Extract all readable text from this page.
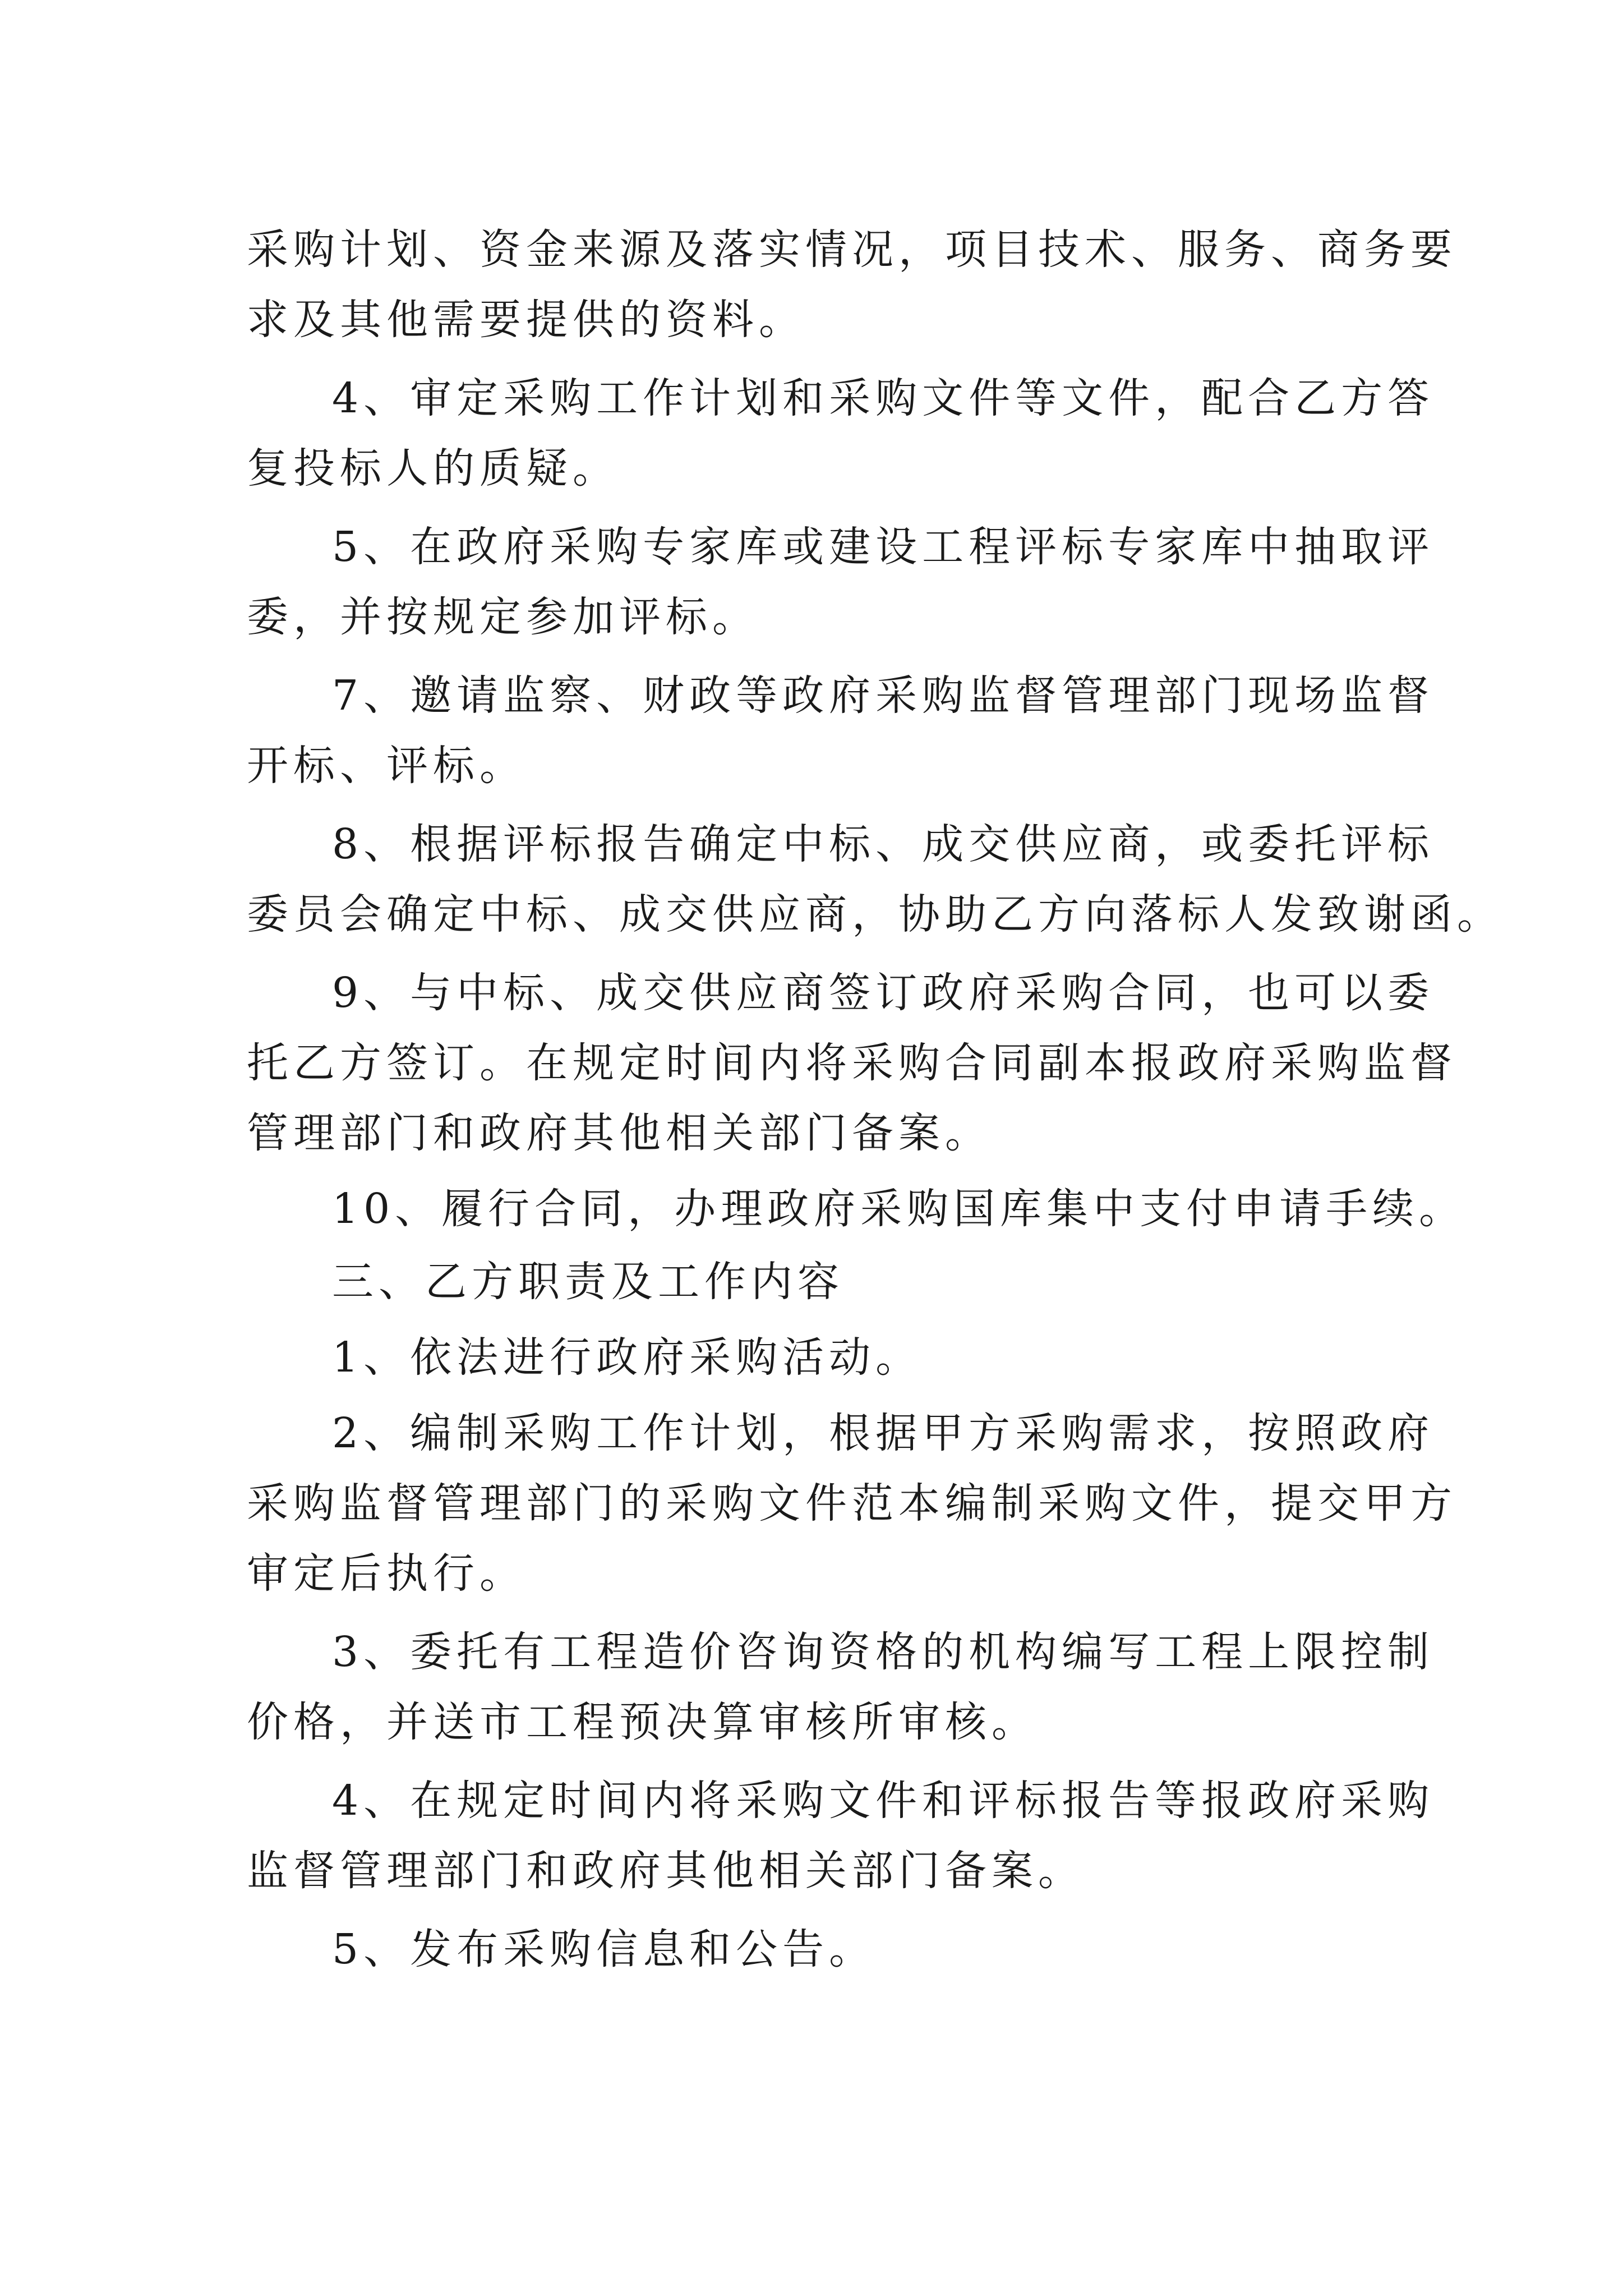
采购计划、资金来源及落实情况，项目技术、服务、商务要

求及其他需要提供的资料。

4、审定采购工作计划和采购文件等文件，配合乙方答

复投标人的质疑。

5、在政府采购专家库或建设工程评标专家库中抽取评

委，并按规定参加评标。

7、邀请监察、财政等政府采购监督管理部门现场监督

开标、评标。

8、根据评标报告确定中标、成交供应商，或委托评标

委员会确定中标、成交供应商，协助乙方向落标人发致谢函。

9、与中标、成交供应商签订政府采购合同，也可以委

托乙方签订。在规定时间内将采购合同副本报政府采购监督

管理部门和政府其他相关部门备案。

10、履行合同，办理政府采购国库集中支付申请手续。

三、乙方职责及工作内容

1、依法进行政府采购活动。

2、编制采购工作计划，根据甲方采购需求，按照政府

采购监督管理部门的采购文件范本编制采购文件，提交甲方

审定后执行。

3、委托有工程造价咨询资格的机构编写工程上限控制

价格，并送市工程预决算审核所审核。

4、在规定时间内将采购文件和评标报告等报政府采购

监督管理部门和政府其他相关部门备案。

5、发布采购信息和公告。
